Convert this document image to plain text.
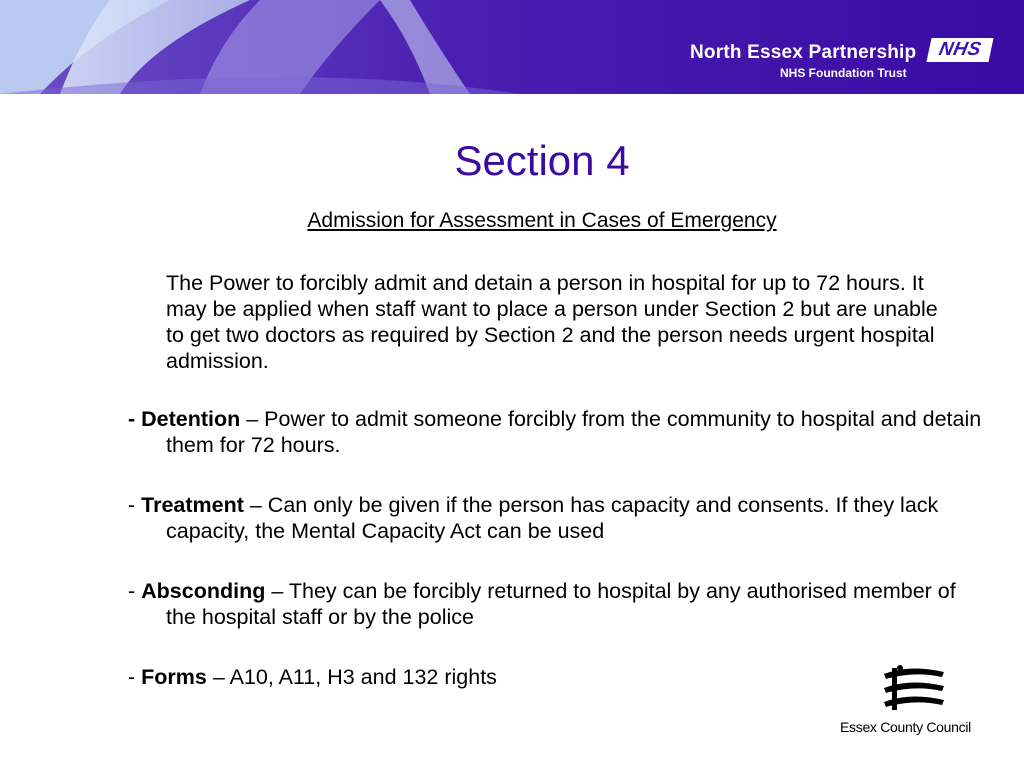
North Essex Partnership
NHS Foundation Trust
NHS
Section 4

Admission for Assessment in Cases of Emergency

The Power to forcibly admit and detain a person in hospital for up to 72 hours. It may be applied when staff want to place a person under Section 2 but are unable to get two doctors as required by Section 2 and the person needs urgent hospital admission.

- Detention – Power to admit someone forcibly from the community to hospital and detain them for 72 hours.

- Treatment – Can only be given if the person has capacity and consents. If they lack capacity, the Mental Capacity Act can be used

- Absconding – They can be forcibly returned to hospital by any authorised member of the hospital staff or by the police

- Forms – A10, A11, H3 and 132 rights

Essex County Council
